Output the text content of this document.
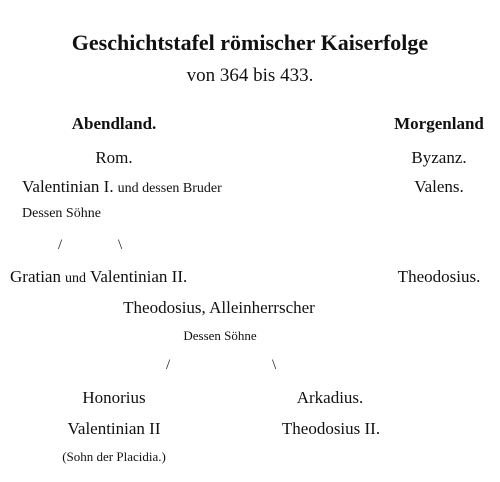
Geschichtstafel römischer Kaiserfolge
von 364 bis 433.
Abendland.	Morgenland
Rom.	Byzanz.
Valentinian I. und dessen Bruder	Valens.
Dessen Söhne
/	\
Gratian und Valentinian II.	Theodosius.
Theodosius, Alleinherrscher
Dessen Söhne
/	\
Honorius	Arkadius.
Valentinian II	Theodosius II.
(Sohn der Placidia.)
